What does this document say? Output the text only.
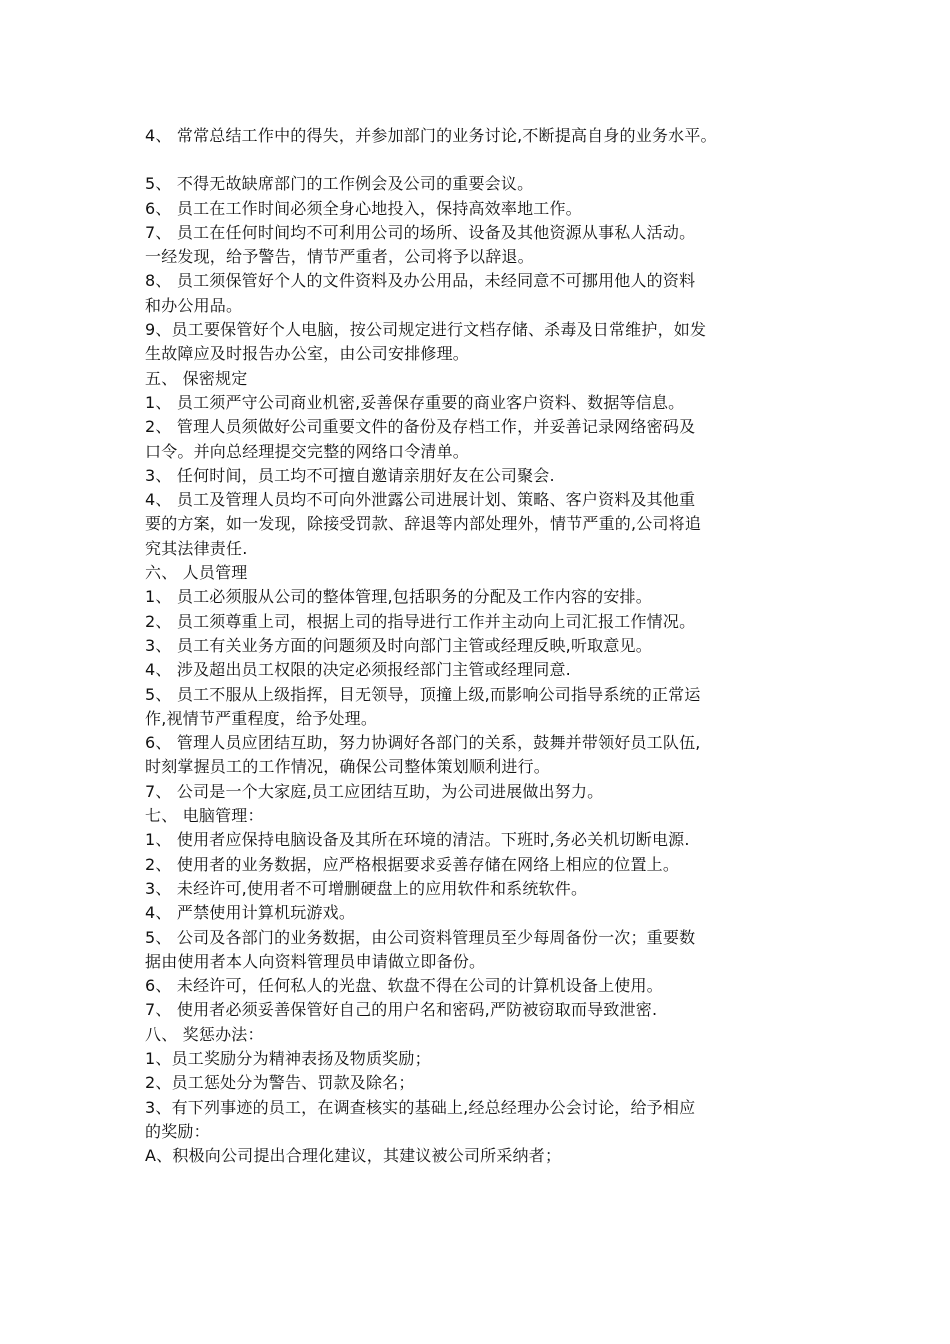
4、 常常总结工作中的得失，并参加部门的业务讨论,不断提高自身的业务水平。
5、 不得无故缺席部门的工作例会及公司的重要会议。
6、 员工在工作时间必须全身心地投入，保持高效率地工作。
7、 员工在任何时间均不可利用公司的场所、设备及其他资源从事私人活动。
一经发现，给予警告，情节严重者，公司将予以辞退。
8、 员工须保管好个人的文件资料及办公用品，未经同意不可挪用他人的资料
和办公用品。
9、员工要保管好个人电脑，按公司规定进行文档存储、杀毒及日常维护，如发
生故障应及时报告办公室，由公司安排修理。
五、 保密规定
1、 员工须严守公司商业机密,妥善保存重要的商业客户资料、数据等信息。
2、 管理人员须做好公司重要文件的备份及存档工作，并妥善记录网络密码及
口令。并向总经理提交完整的网络口令清单。
3、 任何时间，员工均不可擅自邀请亲朋好友在公司聚会.
4、 员工及管理人员均不可向外泄露公司进展计划、策略、客户资料及其他重
要的方案，如一发现，除接受罚款、辞退等内部处理外，情节严重的,公司将追
究其法律责任.
六、 人员管理
1、 员工必须服从公司的整体管理,包括职务的分配及工作内容的安排。
2、 员工须尊重上司，根据上司的指导进行工作并主动向上司汇报工作情况。
3、 员工有关业务方面的问题须及时向部门主管或经理反映,听取意见。
4、 涉及超出员工权限的决定必须报经部门主管或经理同意.
5、 员工不服从上级指挥，目无领导，顶撞上级,而影响公司指导系统的正常运
作,视情节严重程度，给予处理。
6、 管理人员应团结互助，努力协调好各部门的关系，鼓舞并带领好员工队伍,
时刻掌握员工的工作情况，确保公司整体策划顺利进行。
7、 公司是一个大家庭,员工应团结互助，为公司进展做出努力。
七、 电脑管理：
1、 使用者应保持电脑设备及其所在环境的清洁。下班时,务必关机切断电源.
2、 使用者的业务数据，应严格根据要求妥善存储在网络上相应的位置上。
3、 未经许可,使用者不可增删硬盘上的应用软件和系统软件。
4、 严禁使用计算机玩游戏。
5、 公司及各部门的业务数据，由公司资料管理员至少每周备份一次；重要数
据由使用者本人向资料管理员申请做立即备份。
6、 未经许可，任何私人的光盘、软盘不得在公司的计算机设备上使用。
7、 使用者必须妥善保管好自己的用户名和密码,严防被窃取而导致泄密.
八、 奖惩办法：
1、员工奖励分为精神表扬及物质奖励；
2、员工惩处分为警告、罚款及除名；
3、有下列事迹的员工，在调查核实的基础上,经总经理办公会讨论，给予相应
的奖励：
A、积极向公司提出合理化建议，其建议被公司所采纳者；
